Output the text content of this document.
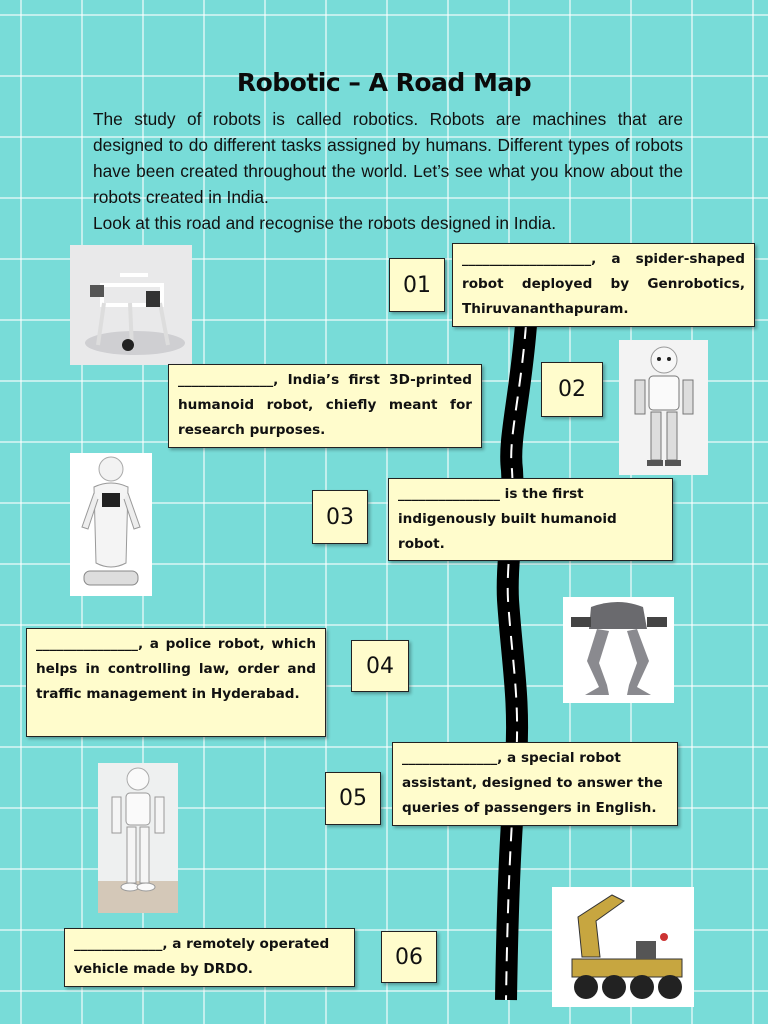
Robotic – A Road Map

The study of robots is called robotics. Robots are machines that are designed to do different tasks assigned by humans. Different types of robots have been created throughout the world. Let’s see what you know about the robots created in India.

Look at this road and recognise the robots designed in India.

01
___________________, a spider-shaped robot deployed by Genrobotics, Thiruvananthapuram.
______________, India’s first 3D-printed humanoid robot, chiefly meant for research purposes.
02
03
_______________ is the first indigenously built humanoid robot.
_______________, a police robot, which helps in controlling law, order and traffic management in Hyderabad.
04
05
______________, a special robot assistant, designed to answer the queries of passengers in English.
_____________, a remotely operated vehicle made by DRDO.	06
